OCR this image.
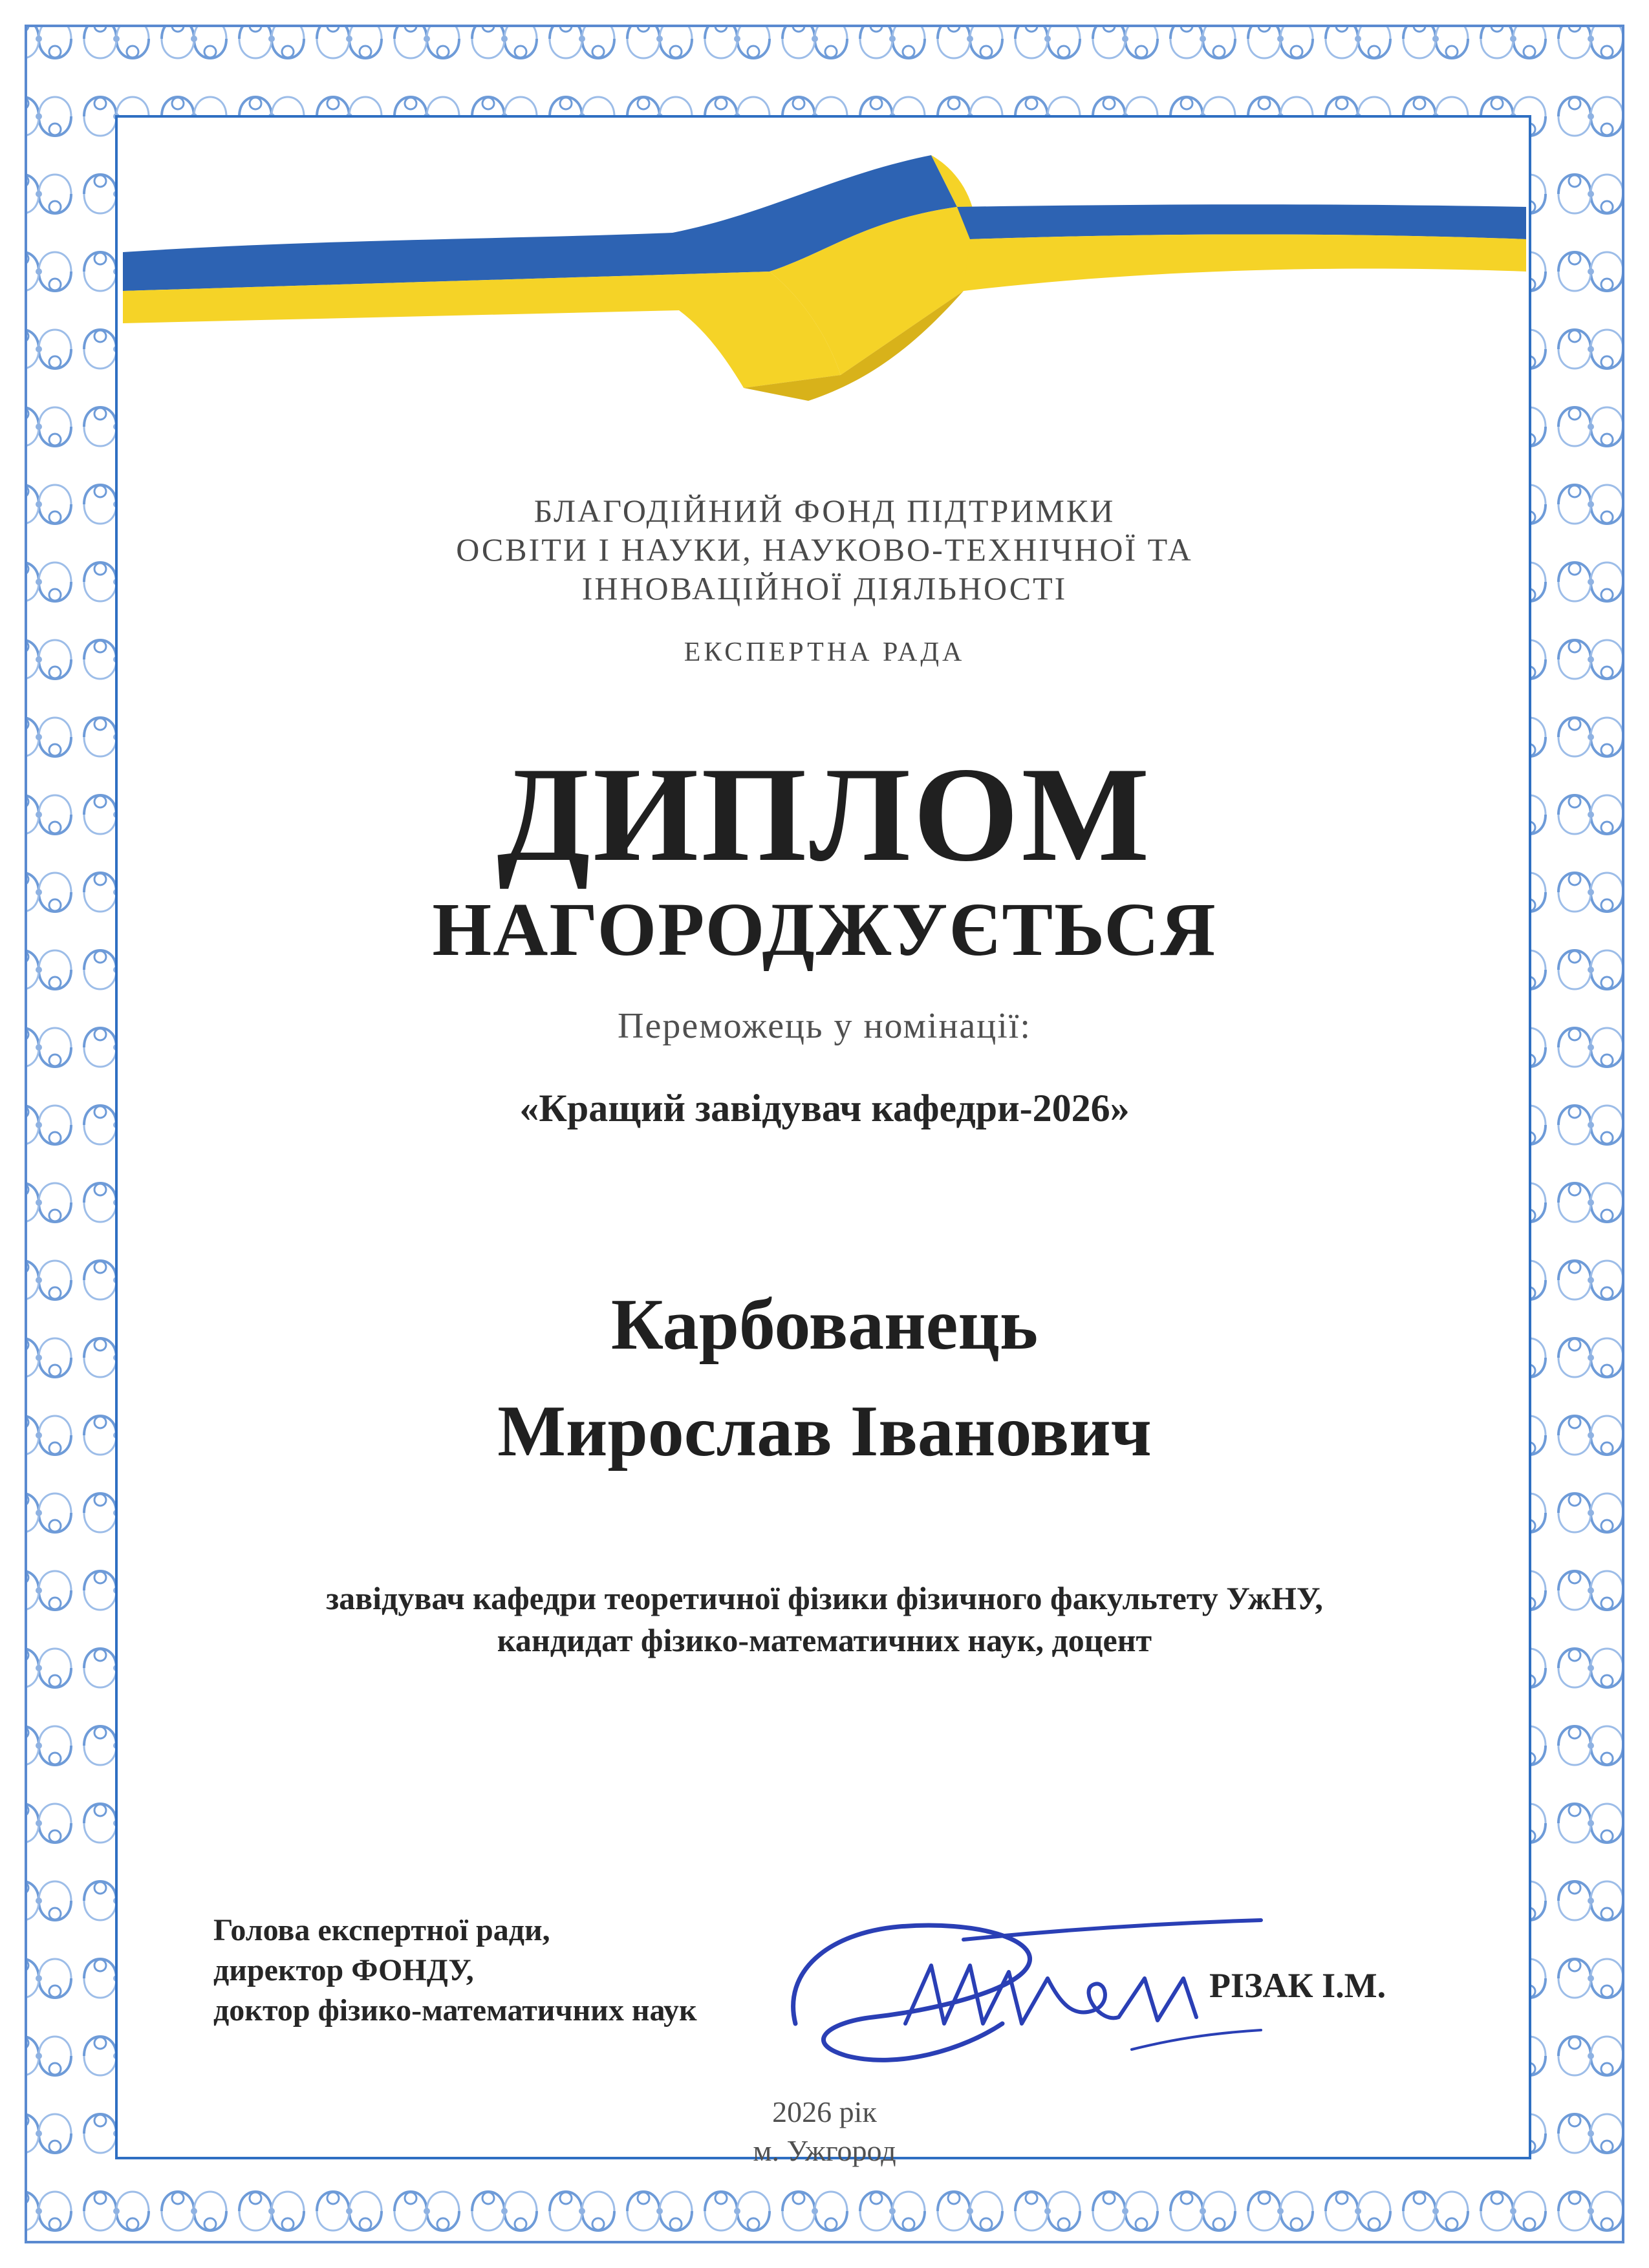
БЛАГОДІЙНИЙ ФОНД ПІДТРИМКИ
ОСВІТИ І НАУКИ, НАУКОВО-ТЕХНІЧНОЇ ТА
ІННОВАЦІЙНОЇ ДІЯЛЬНОСТІ
ЕКСПЕРТНА РАДА
ДИПЛОМ
НАГОРОДЖУЄТЬСЯ
Переможець у номінації:
«Кращий завідувач кафедри-2026»
Карбованець
Мирослав Іванович
завідувач кафедри теоретичної фізики фізичного факультету УжНУ,
кандидат фізико-математичних наук, доцент
Голова експертної ради,
директор ФОНДУ,
доктор фізико-математичних наук
РІЗАК І.М.
2026 рік
м. Ужгород
